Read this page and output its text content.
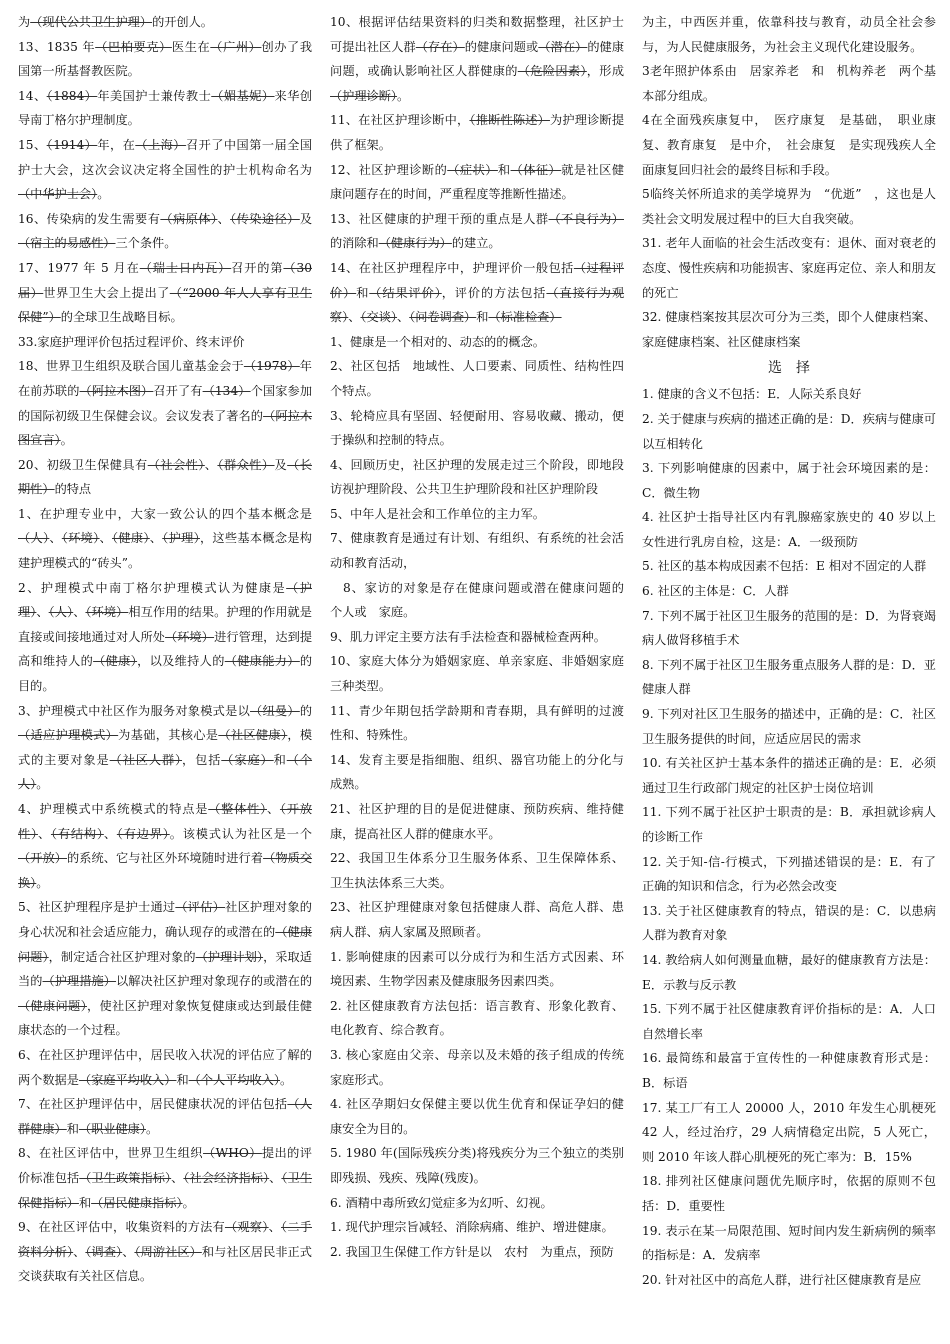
为（现代公共卫生护理）的开创人。

13、1835 年（巴柏要克）医生在（广州）创办了我国第一所基督教医院。

14、（1884）年美国护士兼传教士（媚基妮）来华创导南丁格尔护理制度。

15、（1914）年，在（上海）召开了中国第一届全国护士大会，这次会议决定将全国性的护士机构命名为（中华护士会）。

16、传染病的发生需要有（病原体）、（传染途径）及（宿主的易感性）三个条件。

17、1977 年 5 月在（瑞士日内瓦）召开的第（30 届）世界卫生大会上提出了（“2000 年人人享有卫生保健”）的全球卫生战略目标。

33.家庭护理评价包括过程评价、终末评价

18、世界卫生组织及联合国儿童基金会于（1978）年在前苏联的（阿拉木图）召开了有（134）个国家参加的国际初级卫生保健会议。会议发表了著名的（阿拉木图宣言）。

20、初级卫生保健具有（社会性）、（群众性）及（长期性）的特点

1、在护理专业中，大家一致公认的四个基本概念是（人）、（环境）、（健康）、（护理），这些基本概念是构建护理模式的“砖头”。

2、护理模式中南丁格尔护理模式认为健康是（护理）、（人）、（环境）相互作用的结果。护理的作用就是直接或间接地通过对人所处（环境）进行管理，达到提高和维持人的（健康），以及维持人的（健康能力）的目的。

3、护理模式中社区作为服务对象模式是以（纽曼）的（适应护理模式）为基础，其核心是（社区健康），模式的主要对象是（社区人群），包括（家庭）和（个人）。

4、护理模式中系统模式的特点是（整体性）、（开放性）、（有结构）、（有边界）。该模式认为社区是一个（开放）的系统、它与社区外环境随时进行着（物质交换）。

5、社区护理程序是护士通过（评估）社区护理对象的身心状况和社会适应能力，确认现存的或潜在的（健康问题），制定适合社区护理对象的（护理计划），采取适当的（护理措施）以解决社区护理对象现存的或潜在的（健康问题），使社区护理对象恢复健康或达到最佳健康状态的一个过程。

6、在社区护理评估中，居民收入状况的评估应了解的两个数据是（家庭平均收入）和（个人平均收入）。

7、在社区护理评估中，居民健康状况的评估包括（人群健康）和（职业健康）。

8、在社区评估中，世界卫生组织（WHO）提出的评价标准包括（卫生政策指标）、（社会经济指标）、（卫生保健指标）和（居民健康指标）。

9、在社区评估中，收集资料的方法有（观察）、（二手资料分析）、（调查）、（周游社区）和与社区居民非正式交谈获取有关社区信息。

10、根据评估结果资料的归类和数据整理，社区护士可提出社区人群（存在）的健康问题或（潜在）的健康问题，或确认影响社区人群健康的（危险因素），形成（护理诊断）。

11、在社区护理诊断中，（推断性陈述）为护理诊断提供了框架。

12、社区护理诊断的（症状）和（体征）就是社区健康问题存在的时间，严重程度等推断性描述。

13、社区健康的护理干预的重点是人群（不良行为）的消除和（健康行为）的建立。

14、在社区护理程序中，护理评价一般包括（过程评价）和（结果评价），评价的方法包括（直接行为观察）、（交谈）、（问卷调查）和（标准检查）

1、健康是一个相对的、动态的的概念。

2、社区包括　地域性、人口要素、同质性、结构性四个特点。

3、轮椅应具有坚固、轻便耐用、容易收藏、搬动，便于操纵和控制的特点。

4、回顾历史，社区护理的发展走过三个阶段，即地段访视护理阶段、公共卫生护理阶段和社区护理阶段

5、中年人是社会和工作单位的主力军。

7、健康教育是通过有计划、有组织、有系统的社会活动和教育活动，

　8、家访的对象是存在健康问题或潜在健康问题的　个人或　家庭。

9、肌力评定主要方法有手法检查和器械检查两种。

10、家庭大体分为婚姻家庭、单亲家庭、非婚姻家庭三种类型。

11、青少年期包括学龄期和青春期，具有鲜明的过渡性和、特殊性。

14、发育主要是指细胞、组织、器官功能上的分化与成熟。

21、社区护理的目的是促进健康、预防疾病、维持健康，提高社区人群的健康水平。

22、我国卫生体系分卫生服务体系、卫生保障体系、卫生执法体系三大类。

23、社区护理健康对象包括健康人群、高危人群、患病人群、病人家属及照顾者。

1. 影响健康的因素可以分成行为和生活方式因素、环境因素、生物学因素及健康服务因素四类。

2. 社区健康教育方法包括：语言教育、形象化教育、电化教育、综合教育。

3. 核心家庭由父亲、母亲以及未婚的孩子组成的传统家庭形式。

4. 社区孕期妇女保健主要以优生优育和保证孕妇的健康安全为目的。

5. 1980 年(国际残疾分类)将残疾分为三个独立的类别即残损、残疾、残障(残废)。

6. 酒精中毒所致幻觉症多为幻听、幻视。

1. 现代护理宗旨减轻、消除病痛、维护、增进健康。

2. 我国卫生保健工作方针是以　农村　为重点，预防

为主，中西医并重，依靠科技与教育，动员全社会参与，为人民健康服务，为社会主义现代化建设服务。

3老年照护体系由　居家养老　和　机构养老　两个基本部分组成。

4在全面残疾康复中，　医疗康复　是基础，　职业康复、教育康复　是中介，　社会康复　是实现残疾人全面康复回归社会的最终目标和手段。

5临终关怀所追求的美学境界为　“优逝”　，这也是人类社会文明发展过程中的巨大自我突破。

31. 老年人面临的社会生活改变有：退休、面对衰老的态度、慢性疾病和功能损害、家庭再定位、亲人和朋友的死亡

32. 健康档案按其层次可分为三类，即个人健康档案、家庭健康档案、社区健康档案

选　择

1. 健康的含义不包括：E．人际关系良好

2. 关于健康与疾病的描述正确的是：D．疾病与健康可以互相转化

3. 下列影响健康的因素中，属于社会环境因素的是：C．微生物

4. 社区护士指导社区内有乳腺癌家族史的 40 岁以上女性进行乳房自检，这是：A．一级预防

5. 社区的基本构成因素不包括：E 相对不固定的人群

6. 社区的主体是：C．人群

7. 下列不属于社区卫生服务的范围的是：D．为肾衰竭病人做肾移植手术

8. 下列不属于社区卫生服务重点服务人群的是：D．亚健康人群

9. 下列对社区卫生服务的描述中，正确的是：C．社区卫生服务提供的时间，应适应居民的需求

10. 有关社区护士基本条件的描述正确的是：E．必须通过卫生行政部门规定的社区护士岗位培训

11. 下列不属于社区护士职责的是：B．承担就诊病人的诊断工作

12. 关于知-信-行模式，下列描述错误的是：E．有了正确的知识和信念，行为必然会改变

13. 关于社区健康教育的特点，错误的是：C．以患病人群为教育对象

14. 教给病人如何测量血糖，最好的健康教育方法是：E．示教与反示教

15. 下列不属于社区健康教育评价指标的是：A．人口自然增长率

16. 最简练和最富于宣传性的一种健康教育形式是：B．标语

17. 某工厂有工人 20000 人，2010 年发生心肌梗死 42 人，经过治疗，29 人病情稳定出院，5 人死亡，则 2010 年该人群心肌梗死的死亡率为：B．15%

18. 排列社区健康问题优先顺序时，依据的原则不包括：D．重要性

19. 表示在某一局限范围、短时间内发生新病例的频率的指标是：A．发病率

20. 针对社区中的高危人群，进行社区健康教育是应
